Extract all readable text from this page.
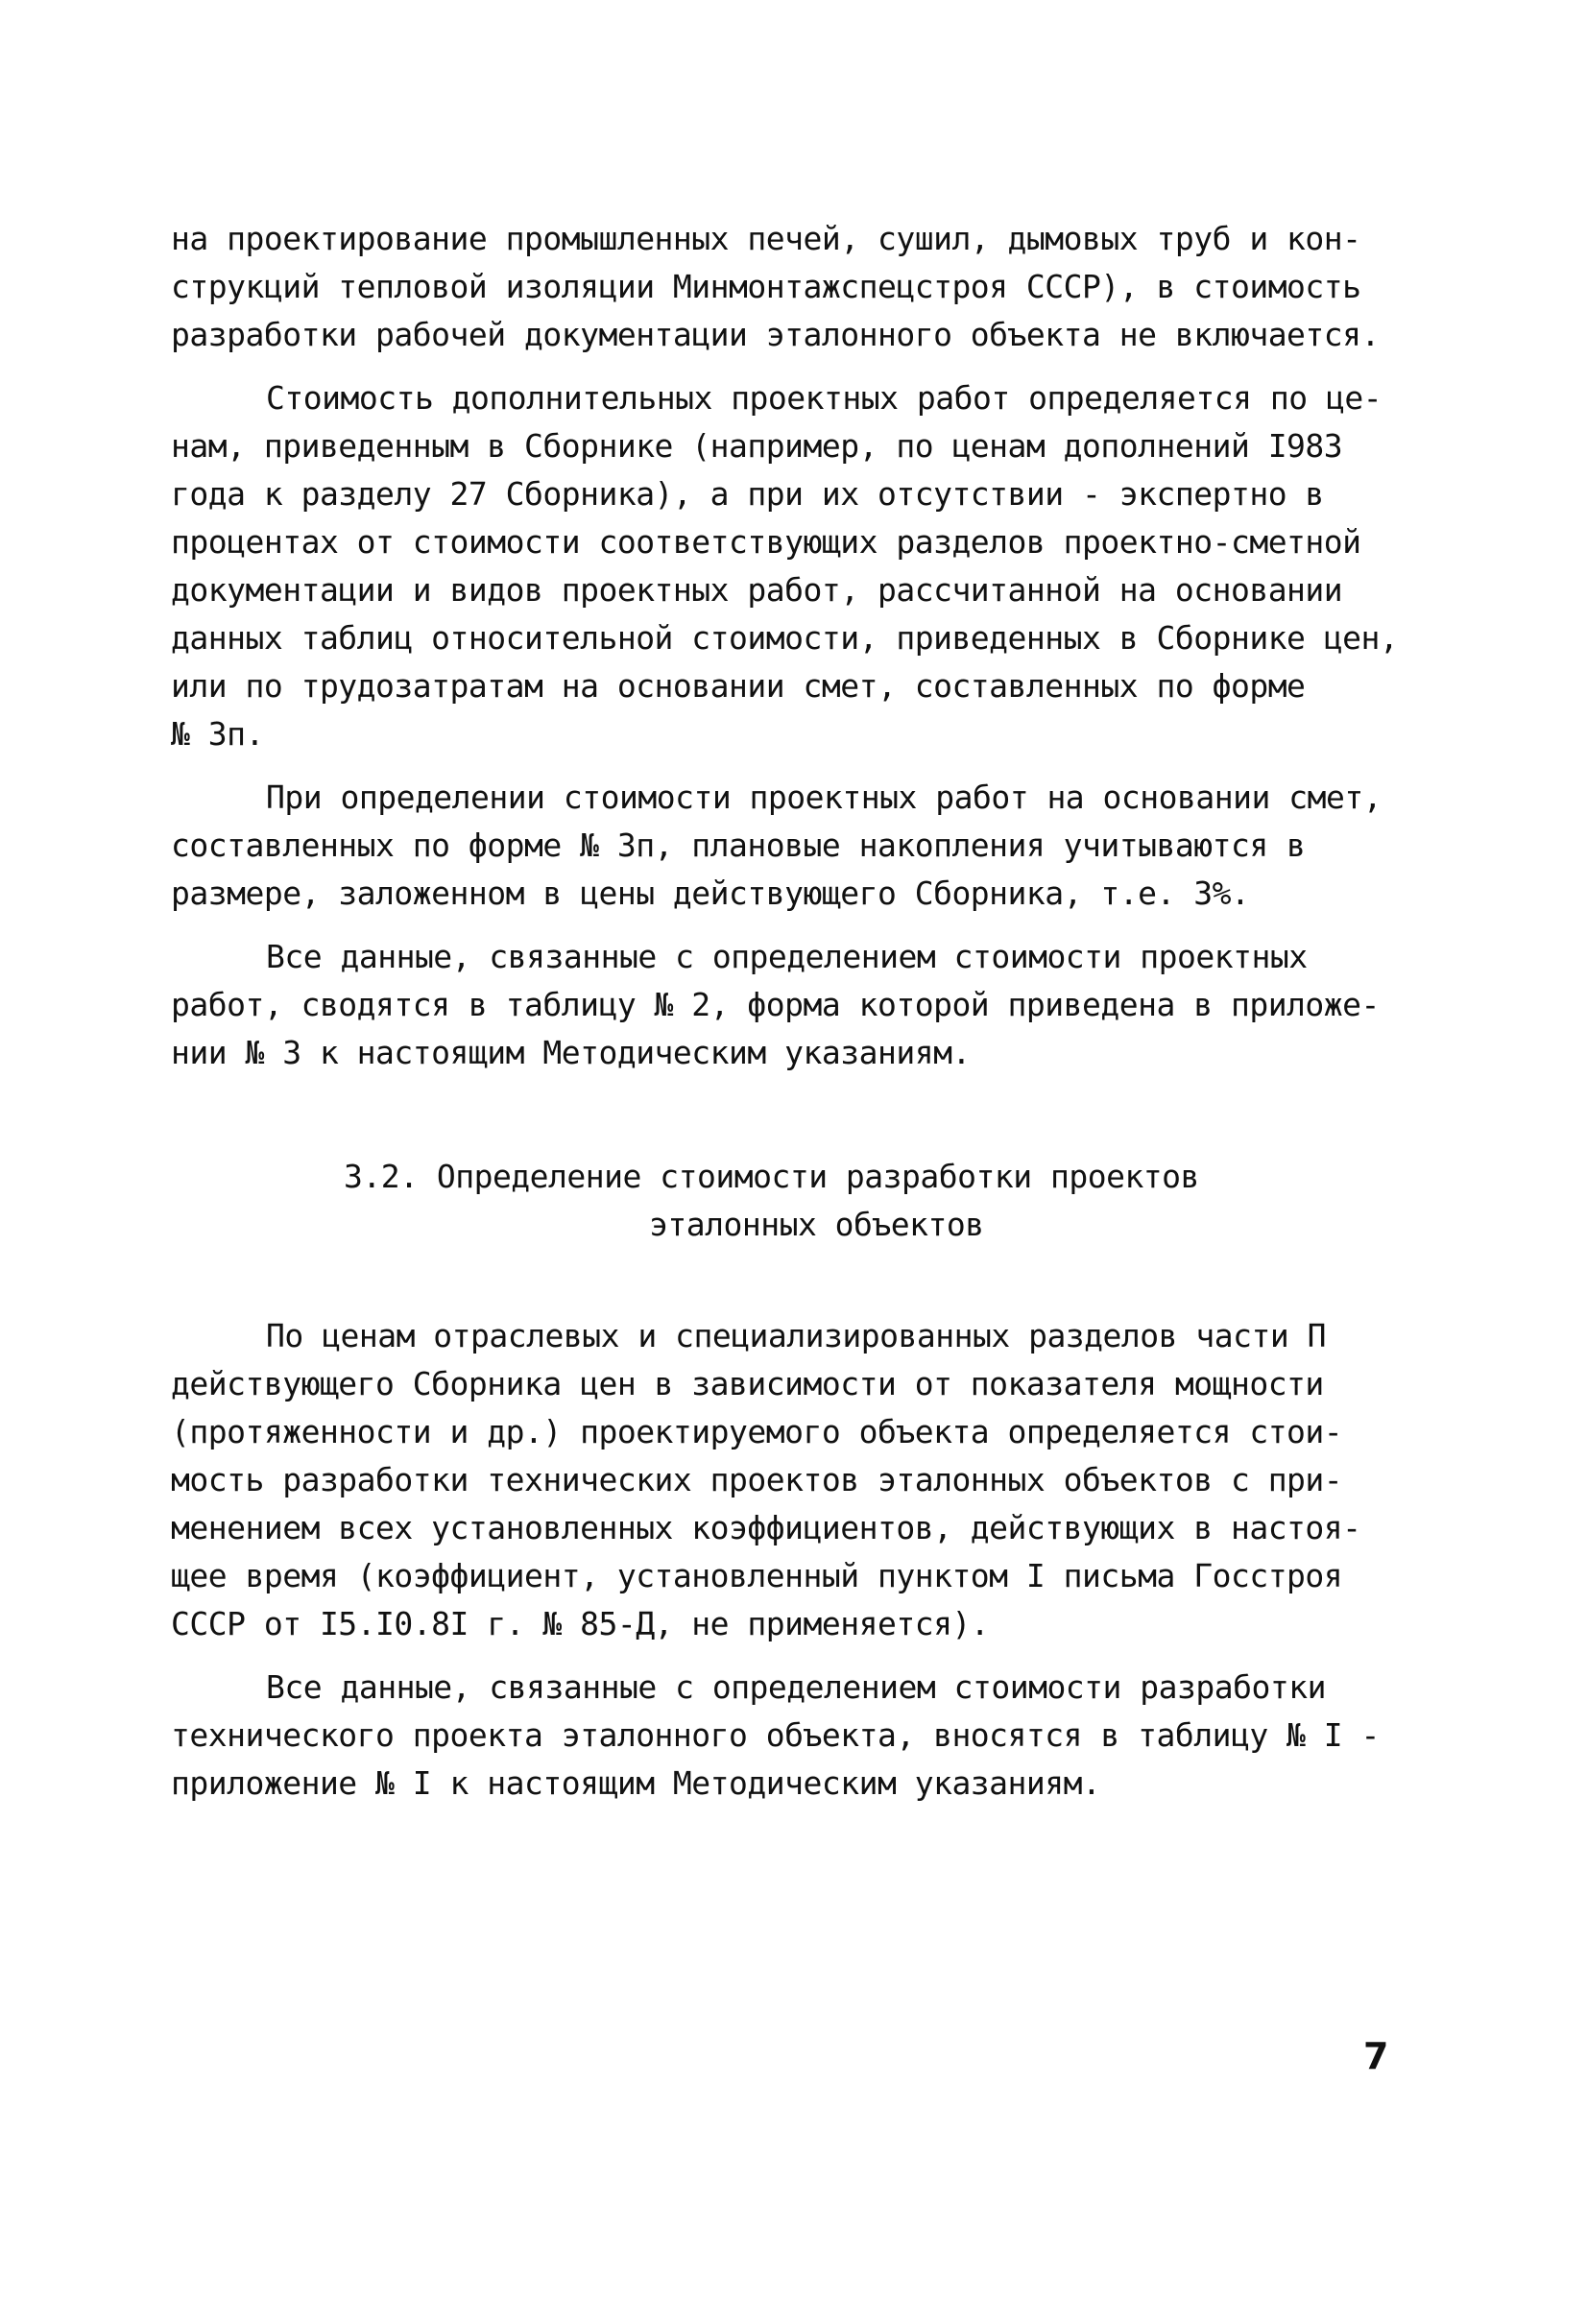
на проектирование промышленных печей, сушил, дымовых труб и кон-
струкций тепловой изоляции Минмонтажспецстроя СССР), в стоимость
разработки рабочей документации эталонного объекта не включается.
Стоимость дополнительных проектных работ определяется по це-
нам, приведенным в Сборнике (например, по ценам дополнений I983
года к разделу 27 Сборника), а при их отсутствии - экспертно в
процентах от стоимости соответствующих разделов проектно-сметной
документации и видов проектных работ, рассчитанной на основании
данных таблиц относительной стоимости, приведенных в Сборнике цен,
или по трудозатратам на основании смет, составленных по форме
№ 3п.
При определении стоимости проектных работ на основании смет,
составленных по форме № 3п, плановые накопления учитываются в
размере, заложенном в цены действующего Сборника, т.е. 3%.
Все данные, связанные с определением стоимости проектных
работ, сводятся в таблицу № 2, форма которой приведена в приложе-
нии № 3 к настоящим Методическим указаниям.
3.2. Определение стоимости разработки проектов
эталонных объектов
По ценам отраслевых и специализированных разделов части П
действующего Сборника цен в зависимости от показателя мощности
(протяженности и др.) проектируемого объекта определяется стои-
мость разработки технических проектов эталонных объектов с при-
менением всех установленных коэффициентов, действующих в настоя-
щее время (коэффициент, установленный пунктом I письма Госстроя
СССР от I5.I0.8I г. № 85-Д, не применяется).
Все данные, связанные с определением стоимости разработки
технического проекта эталонного объекта, вносятся в таблицу № I -
приложение № I к настоящим Методическим указаниям.
7
